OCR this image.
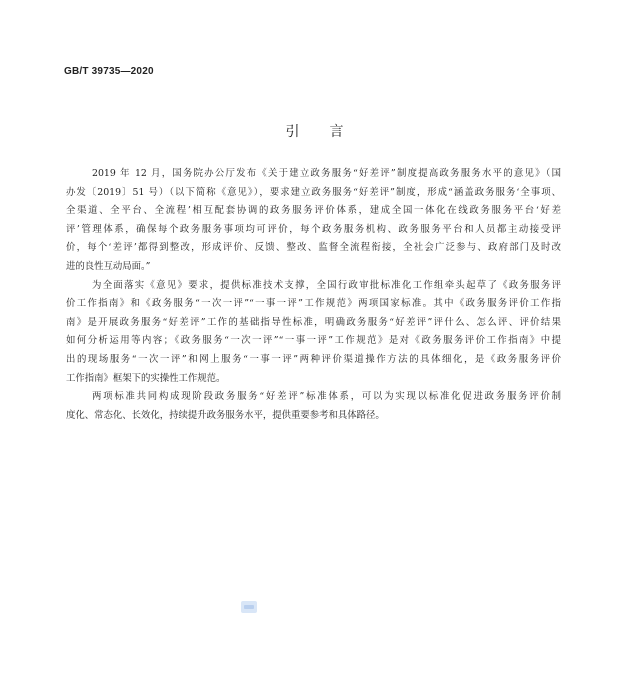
GB/T 39735—2020
引言
2019 年 12 月，国务院办公厅发布《关于建立政务服务“好差评”制度提高政务服务水平的意见》（国
办发〔2019〕51 号）（以下简称《意见》），要求建立政务服务“好差评”制度，形成“涵盖政务服务‘全事项、
全渠道、全平台、全流程’相互配套协调的政务服务评价体系，建成全国一体化在线政务服务平台‘好差
评’管理体系，确保每个政务服务事项均可评价，每个政务服务机构、政务服务平台和人员都主动接受评
价，每个‘差评’都得到整改，形成评价、反馈、整改、监督全流程衔接，全社会广泛参与、政府部门及时改
进的良性互动局面。”
为全面落实《意见》要求，提供标准技术支撑，全国行政审批标准化工作组牵头起草了《政务服务评
价工作指南》和《政务服务“一次一评”“一事一评”工作规范》两项国家标准。其中《政务服务评价工作指
南》是开展政务服务“好差评”工作的基础指导性标准，明确政务服务“好差评”评什么、怎么评、评价结果
如何分析运用等内容；《政务服务“一次一评”“一事一评”工作规范》是对《政务服务评价工作指南》中提
出的现场服务“一次一评”和网上服务“一事一评”两种评价渠道操作方法的具体细化，是《政务服务评价
工作指南》框架下的实操性工作规范。
两项标准共同构成现阶段政务服务“好差评”标准体系，可以为实现以标准化促进政务服务评价制
度化、常态化、长效化，持续提升政务服务水平，提供重要参考和具体路径。
